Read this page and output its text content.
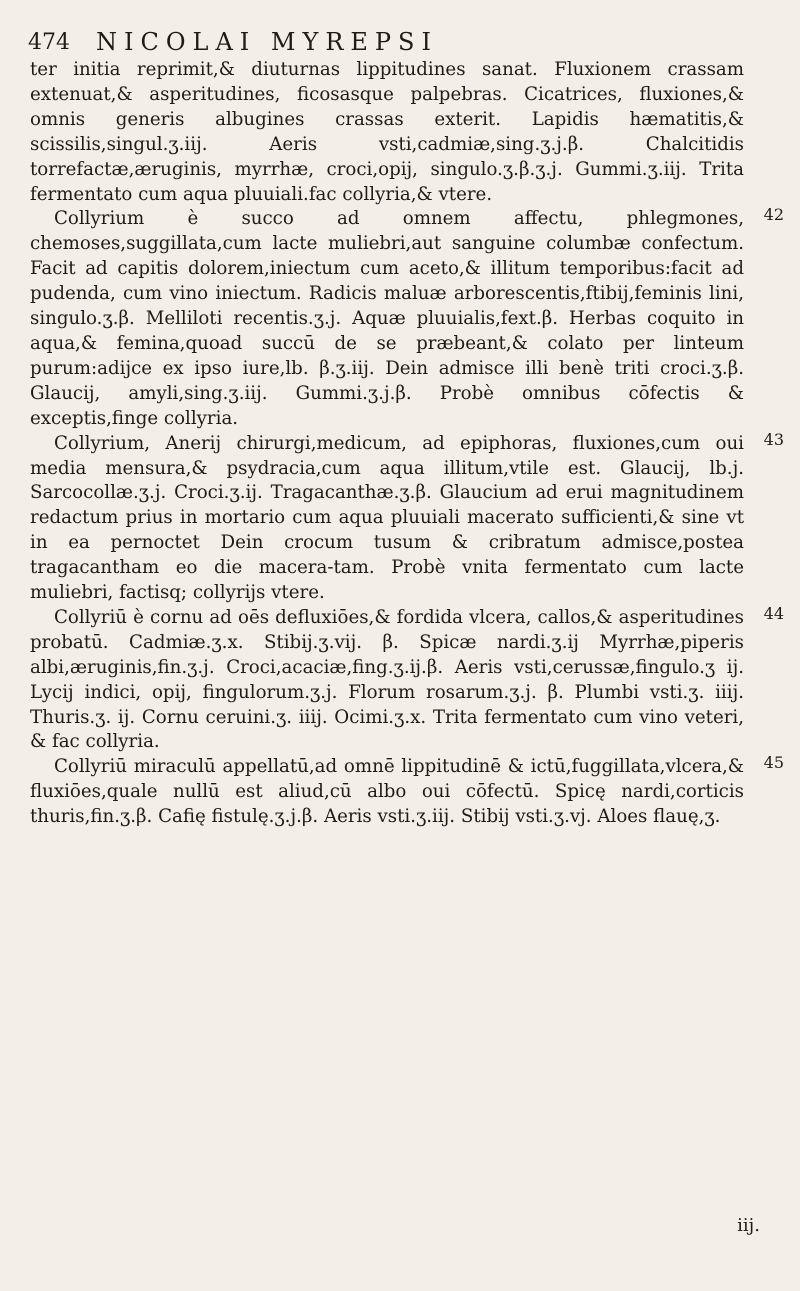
474 NICOLAI MYREPSI

ter initia reprimit,& diuturnas lippitudines sanat. Fluxionem crassam extenuat,& asperitudines, ficosasque palpebras. Cicatrices, fluxiones,& omnis generis albugines crassas exterit. Lapidis hæmatitis,& scissilis,singul.ʒ.iij. Aeris vsti,cadmiæ,sing.ʒ.j.β. Chalcitidis torrefactæ,æruginis, myrrhæ, croci,opij, singulo.ʒ.β.ʒ.j. Gummi.ʒ.iij. Trita fermentato cum aqua pluuiali.fac collyria,& vtere.

42
Collyrium è succo ad omnem affectu, phlegmones, chemoses,suggillata,cum lacte muliebri,aut sanguine columbæ confectum. Facit ad capitis dolorem,iniectum cum aceto,& illitum temporibus:facit ad pudenda, cum vino iniectum. Radicis maluæ arborescentis,ftibij,feminis lini, singulo.ʒ.β. Melliloti recentis.ʒ.j. Aquæ pluuialis,fext.β. Herbas coquito in aqua,& femina,quoad succū de se præbeant,& colato per linteum purum:adijce ex ipso iure,lb. β.ʒ.iij. Dein admisce illi benè triti croci.ʒ.β. Glaucij, amyli,sing.ʒ.iij. Gummi.ʒ.j.β. Probè omnibus cōfectis & exceptis,finge collyria.

43
Collyrium, Anerij chirurgi,medicum, ad epiphoras, fluxiones,cum oui media mensura,& psydracia,cum aqua illitum,vtile est. Glaucij, lb.j. Sarcocollæ.ʒ.j. Croci.ʒ.ij. Tragacanthæ.ʒ.β. Glaucium ad erui magnitudinem redactum prius in mortario cum aqua pluuiali macerato sufficienti,& sine vt in ea pernoctet Dein crocum tusum & cribratum admisce,postea tragacantham eo die macera-tam. Probè vnita fermentato cum lacte muliebri, factisq; collyrijs vtere.

44
Collyriū è cornu ad oēs defluxiōes,& fordida vlcera, callos,& asperitudines probatū. Cadmiæ.ʒ.x. Stibij.ʒ.vij. β. Spicæ nardi.ʒ.ij Myrrhæ,piperis albi,æruginis,fin.ʒ.j. Croci,acaciæ,fing.ʒ.ij.β. Aeris vsti,cerussæ,fingulo.ʒ ij. Lycij indici, opij, fingulorum.ʒ.j. Florum rosarum.ʒ.j. β. Plumbi vsti.ʒ. iiij. Thuris.ʒ. ij. Cornu ceruini.ʒ. iiij. Ocimi.ʒ.x. Trita fermentato cum vino veteri, & fac collyria.

45
Collyriū miraculū appellatū,ad omnē lippitudinē & ictū,fuggillata,vlcera,& fluxiōes,quale nullū est aliud,cū albo oui cōfectū. Spicę nardi,corticis thuris,fin.ʒ.β. Cafię fistulę.ʒ.j.β. Aeris vsti.ʒ.iij. Stibij vsti.ʒ.vj. Aloes flauę,ʒ.

iij.
